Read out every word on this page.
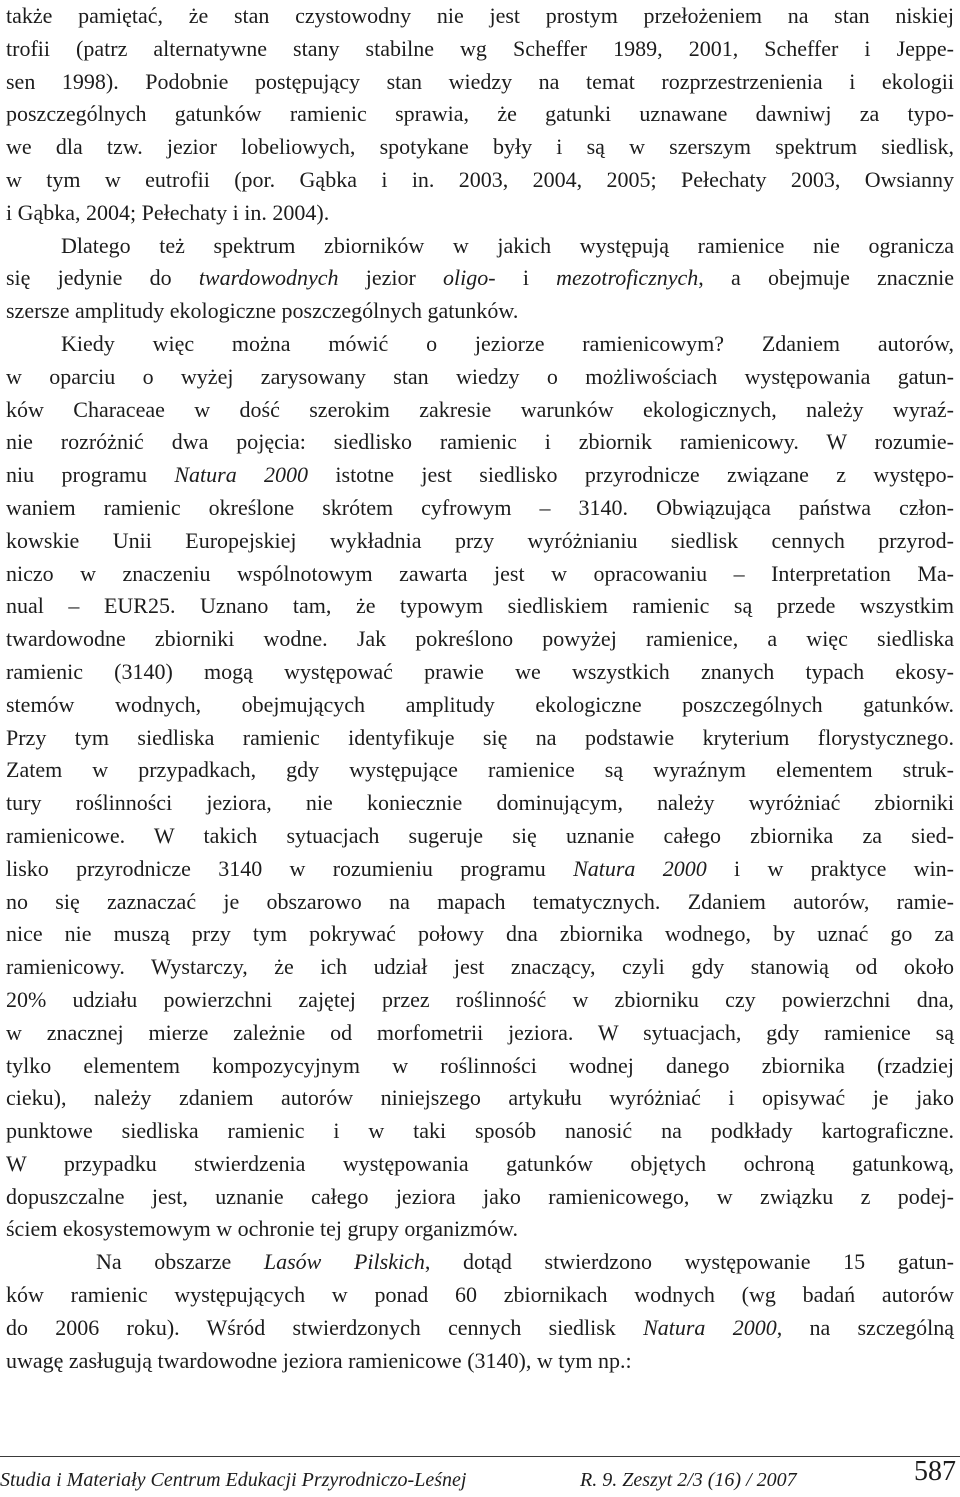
także pamiętać, że stan czystowodny nie jest prostym przełożeniem na stan niskiej
trofii (patrz alternatywne stany stabilne wg Scheffer 1989, 2001, Scheffer i Jeppe-
sen 1998). Podobnie postępujący stan wiedzy na temat rozprzestrzenienia i ekologii
poszczególnych gatunków ramienic sprawia, że gatunki uznawane dawniwj za typo-
we dla tzw. jezior lobeliowych, spotykane były i są w szerszym spektrum siedlisk,
w tym w eutrofii (por. Gąbka i in. 2003, 2004, 2005; Pełechaty 2003, Owsianny
i Gąbka, 2004; Pełechaty i in. 2004).
Dlatego też spektrum zbiorników w jakich występują ramienice nie ogranicza
się jedynie do twardowodnych jezior oligo- i mezotroficznych, a obejmuje znacznie
szersze amplitudy ekologiczne poszczególnych gatunków.
Kiedy więc można mówić o jeziorze ramienicowym? Zdaniem autorów,
w oparciu o wyżej zarysowany stan wiedzy o możliwościach występowania gatun-
ków Characeae w dość szerokim zakresie warunków ekologicznych, należy wyraź-
nie rozróżnić dwa pojęcia: siedlisko ramienic i zbiornik ramienicowy. W rozumie-
niu programu Natura 2000 istotne jest siedlisko przyrodnicze związane z występo-
waniem ramienic określone skrótem cyfrowym – 3140. Obwiązująca państwa człon-
kowskie Unii Europejskiej wykładnia przy wyróżnianiu siedlisk cennych przyrod-
niczo w znaczeniu wspólnotowym zawarta jest w opracowaniu – Interpretation Ma-
nual – EUR25. Uznano tam, że typowym siedliskiem ramienic są przede wszystkim
twardowodne zbiorniki wodne. Jak pokreślono powyżej ramienice, a więc siedliska
ramienic (3140) mogą występować prawie we wszystkich znanych typach ekosy-
stemów wodnych, obejmujących amplitudy ekologiczne poszczególnych gatunków.
Przy tym siedliska ramienic identyfikuje się na podstawie kryterium florystycznego.
Zatem w przypadkach, gdy występujące ramienice są wyraźnym elementem struk-
tury roślinności jeziora, nie koniecznie dominującym, należy wyróżniać zbiorniki
ramienicowe. W takich sytuacjach sugeruje się uznanie całego zbiornika za sied-
lisko przyrodnicze 3140 w rozumieniu programu Natura 2000 i w praktyce win-
no się zaznaczać je obszarowo na mapach tematycznych. Zdaniem autorów, ramie-
nice nie muszą przy tym pokrywać połowy dna zbiornika wodnego, by uznać go za
ramienicowy. Wystarczy, że ich udział jest znaczący, czyli gdy stanowią od około
20% udziału powierzchni zajętej przez roślinność w zbiorniku czy powierzchni dna,
w znacznej mierze zależnie od morfometrii jeziora. W sytuacjach, gdy ramienice są
tylko elementem kompozycyjnym w roślinności wodnej danego zbiornika (rzadziej
cieku), należy zdaniem autorów niniejszego artykułu wyróżniać i opisywać je jako
punktowe siedliska ramienic i w taki sposób nanosić na podkłady kartograficzne.
W przypadku stwierdzenia występowania gatunków objętych ochroną gatunkową,
dopuszczalne jest, uznanie całego jeziora jako ramienicowego, w związku z podej-
ściem ekosystemowym w ochronie tej grupy organizmów.
Na obszarze Lasów Pilskich, dotąd stwierdzono występowanie 15 gatun-
ków ramienic występujących w ponad 60 zbiornikach wodnych (wg badań autorów
do 2006 roku). Wśród stwierdzonych cennych siedlisk Natura 2000, na szczególną
uwagę zasługują twardowodne jeziora ramienicowe (3140), w tym np.:
Studia i Materiały Centrum Edukacji Przyrodniczo-Leśnej	R. 9. Zeszyt 2/3 (16) / 2007	587
